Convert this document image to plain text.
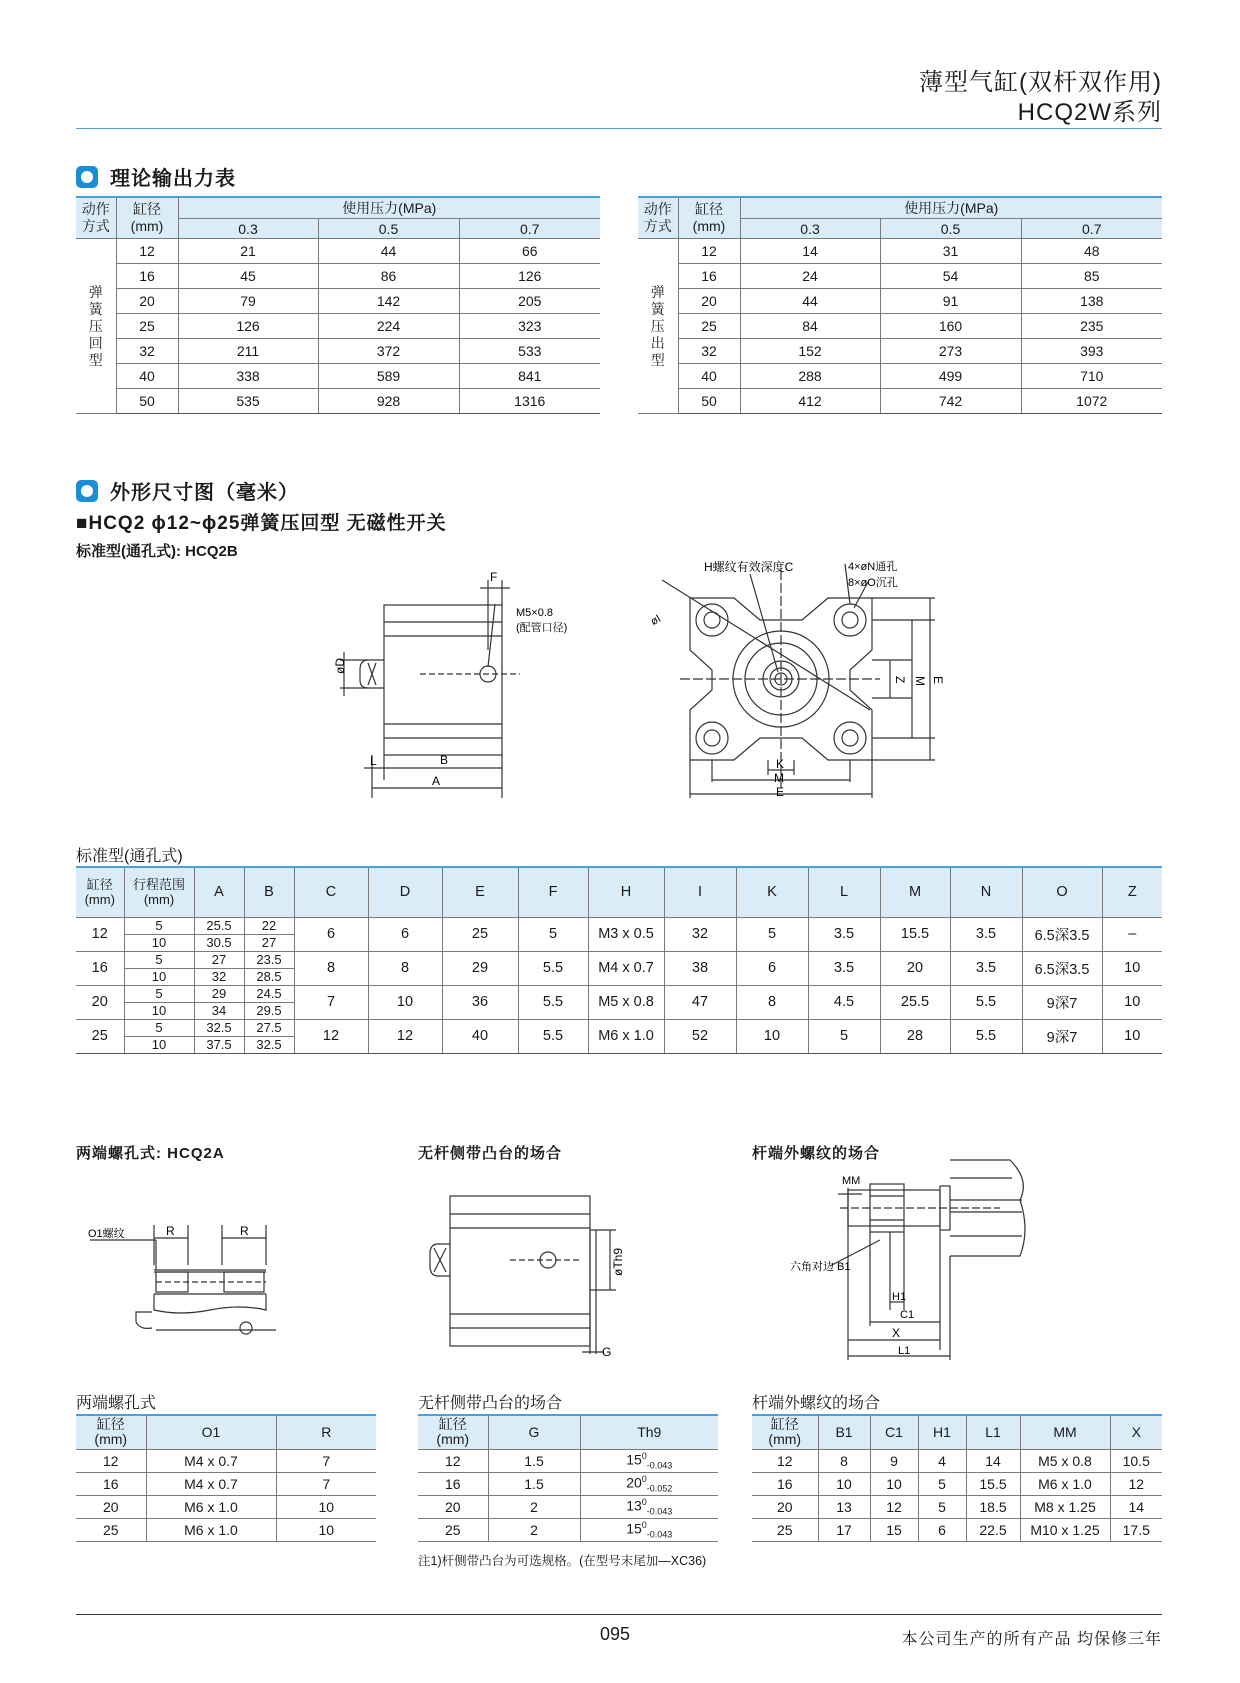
薄型气缸(双杆双作用)
HCQ2W系列
理论输出力表
动作
方式	缸径
(mm)	使用压力(MPa)		
		0.3	0.5	0.7
弹
簧
压
回
型	12	21	44	66
	16	45	86	126
	20	79	142	205
	25	126	224	323
	32	211	372	533
	40	338	589	841
	50	535	928	1316
动作
方式	缸径
(mm)	使用压力(MPa)		
		0.3	0.5	0.7
弹
簧
压
出
型	12	14	31	48
	16	24	54	85
	20	44	91	138
	25	84	160	235
	32	152	273	393
	40	288	499	710
	50	412	742	1072
外形尺寸图（毫米）
■HCQ2 ϕ12~ϕ25弹簧压回型 无磁性开关
标准型(通孔式): HCQ2B
F
M5×0.8
(配管口径)
øD
L	B
A
H螺纹有效深度C	4×øN通孔
8×øO沉孔
øI
Z M E
K
M
E
标准型(通孔式)
缸径
(mm)	行程范围
(mm)	A	B	C	D	E	F	H	I	K	L	M	N	O	Z
12	5	25.5	22	6	6	25	5	M3 x 0.5	32	5	3.5	15.5	3.5	6.5深3.5	–
	10	30.5	27												
16	5	27	23.5	8	8	29	5.5	M4 x 0.7	38	6	3.5	20	3.5	6.5深3.5	10
	10	32	28.5												
20	5	29	24.5	7	10	36	5.5	M5 x 0.8	47	8	4.5	25.5	5.5	9深7	10
	10	34	29.5												
25	5	32.5	27.5	12	12	40	5.5	M6 x 1.0	52	10	5	28	5.5	9深7	10
	10	37.5	32.5												
两端螺孔式: HCQ2A	无杆侧带凸台的场合	杆端外螺纹的场合
O1螺纹	R	R
øTh9
G
MM
六角对边 B1
H1
C1
X
L1
两端螺孔式
缸径
(mm)	O1	R
12	M4 x 0.7	7
16	M4 x 0.7	7
20	M6 x 1.0	10
25	M6 x 1.0	10
无杆侧带凸台的场合
缸径
(mm)	G	Th9
12	1.5	$15^0_{-0.043}$
16	1.5	$20^0_{-0.052}$
20	2	$13^0_{-0.043}$
25	2	$15^0_{-0.043}$
注1)杆侧带凸台为可选规格。(在型号末尾加—XC36)
杆端外螺纹的场合
缸径
(mm)	B1	C1	H1	L1	MM	X
12	8	9	4	14	M5 x 0.8	10.5
16	10	10	5	15.5	M6 x 1.0	12
20	13	12	5	18.5	M8 x 1.25	14
25	17	15	6	22.5	M10 x 1.25	17.5
095	本公司生产的所有产品 均保修三年
